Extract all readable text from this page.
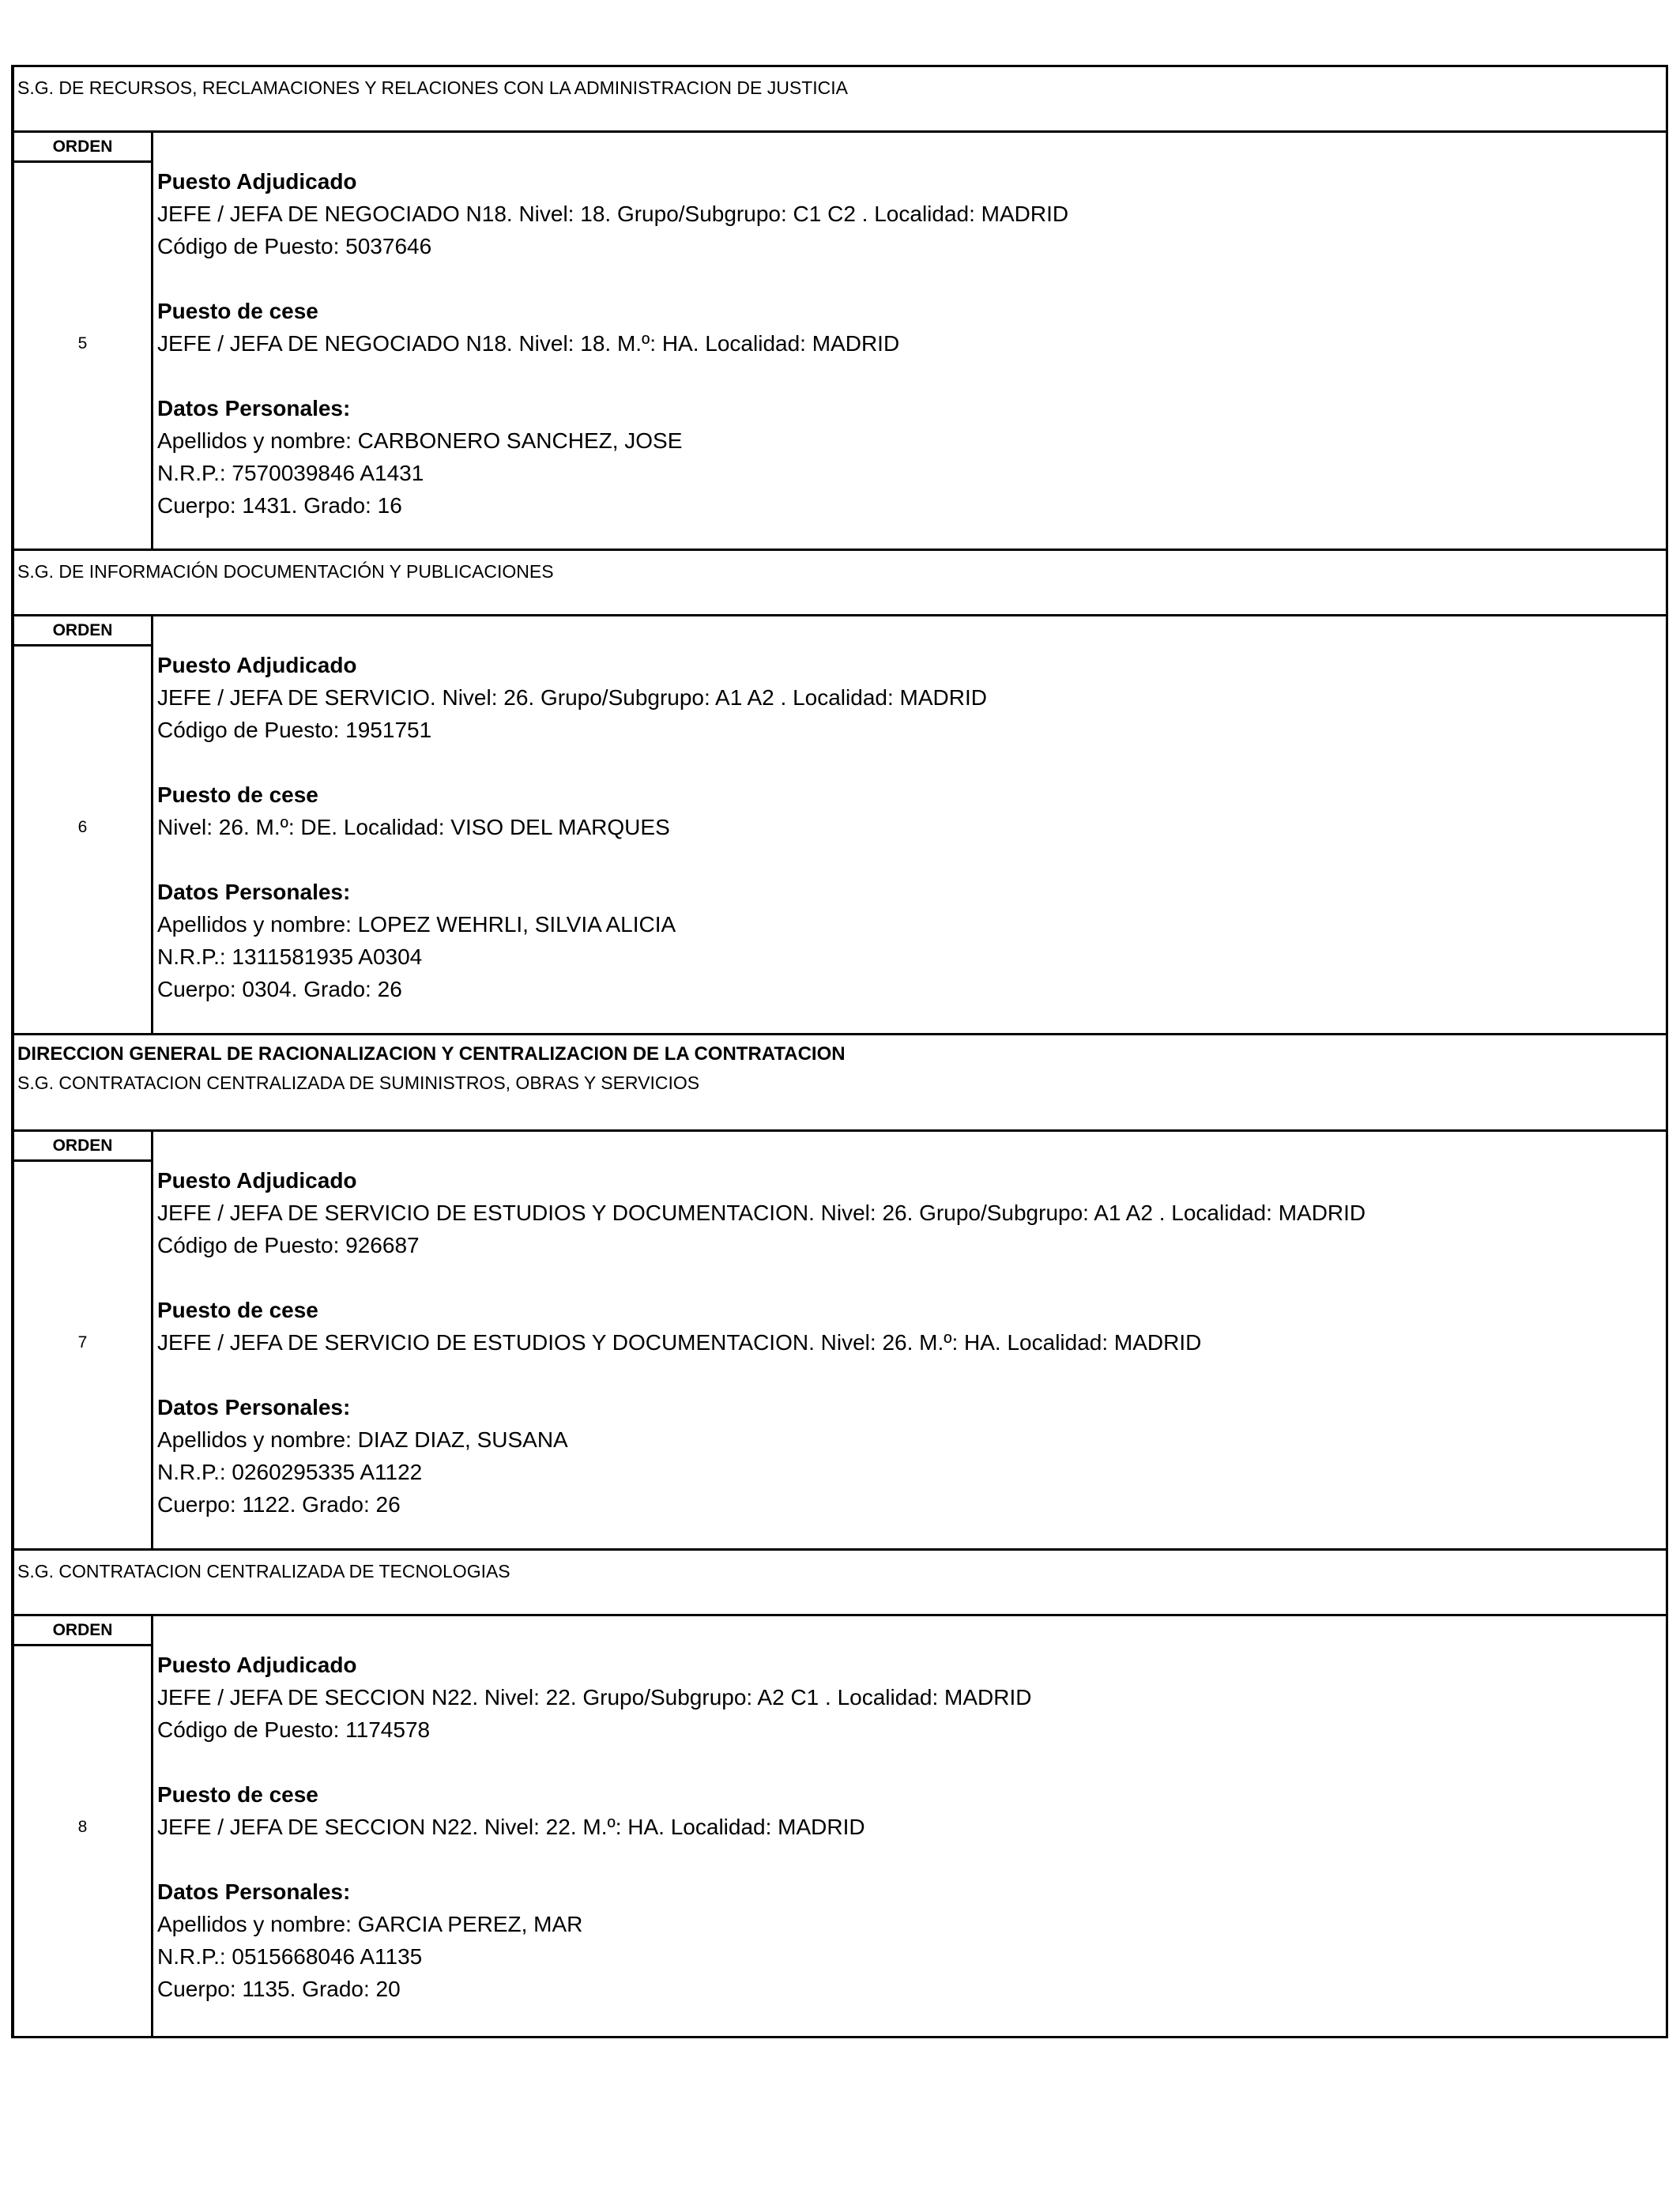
S.G. DE RECURSOS, RECLAMACIONES Y RELACIONES CON LA ADMINISTRACION DE JUSTICIA
ORDEN
5
Puesto Adjudicado
JEFE / JEFA DE NEGOCIADO N18. Nivel: 18. Grupo/Subgrupo: C1 C2 . Localidad: MADRID
Código de Puesto: 5037646
Puesto de cese
JEFE / JEFA DE NEGOCIADO N18. Nivel: 18. M.º: HA. Localidad: MADRID
Datos Personales:
Apellidos y nombre: CARBONERO SANCHEZ, JOSE
N.R.P.: 7570039846 A1431
Cuerpo: 1431. Grado: 16
S.G. DE INFORMACIÓN DOCUMENTACIÓN Y PUBLICACIONES
ORDEN
6
Puesto Adjudicado
JEFE / JEFA DE SERVICIO. Nivel: 26. Grupo/Subgrupo: A1 A2 . Localidad: MADRID
Código de Puesto: 1951751
Puesto de cese
Nivel: 26. M.º: DE. Localidad: VISO DEL MARQUES
Datos Personales:
Apellidos y nombre: LOPEZ WEHRLI, SILVIA ALICIA
N.R.P.: 1311581935 A0304
Cuerpo: 0304. Grado: 26
DIRECCION GENERAL DE RACIONALIZACION Y CENTRALIZACION DE LA CONTRATACION
S.G. CONTRATACION CENTRALIZADA DE SUMINISTROS, OBRAS Y SERVICIOS
ORDEN
7
Puesto Adjudicado
JEFE / JEFA DE SERVICIO DE ESTUDIOS Y DOCUMENTACION. Nivel: 26. Grupo/Subgrupo: A1 A2 . Localidad: MADRID
Código de Puesto: 926687
Puesto de cese
JEFE / JEFA DE SERVICIO DE ESTUDIOS Y DOCUMENTACION. Nivel: 26. M.º: HA. Localidad: MADRID
Datos Personales:
Apellidos y nombre: DIAZ DIAZ, SUSANA
N.R.P.: 0260295335 A1122
Cuerpo: 1122. Grado: 26
S.G. CONTRATACION CENTRALIZADA DE TECNOLOGIAS
ORDEN
8
Puesto Adjudicado
JEFE / JEFA DE SECCION N22. Nivel: 22. Grupo/Subgrupo: A2 C1 . Localidad: MADRID
Código de Puesto: 1174578
Puesto de cese
JEFE / JEFA DE SECCION N22. Nivel: 22. M.º: HA. Localidad: MADRID
Datos Personales:
Apellidos y nombre: GARCIA PEREZ, MAR
N.R.P.: 0515668046 A1135
Cuerpo: 1135. Grado: 20
